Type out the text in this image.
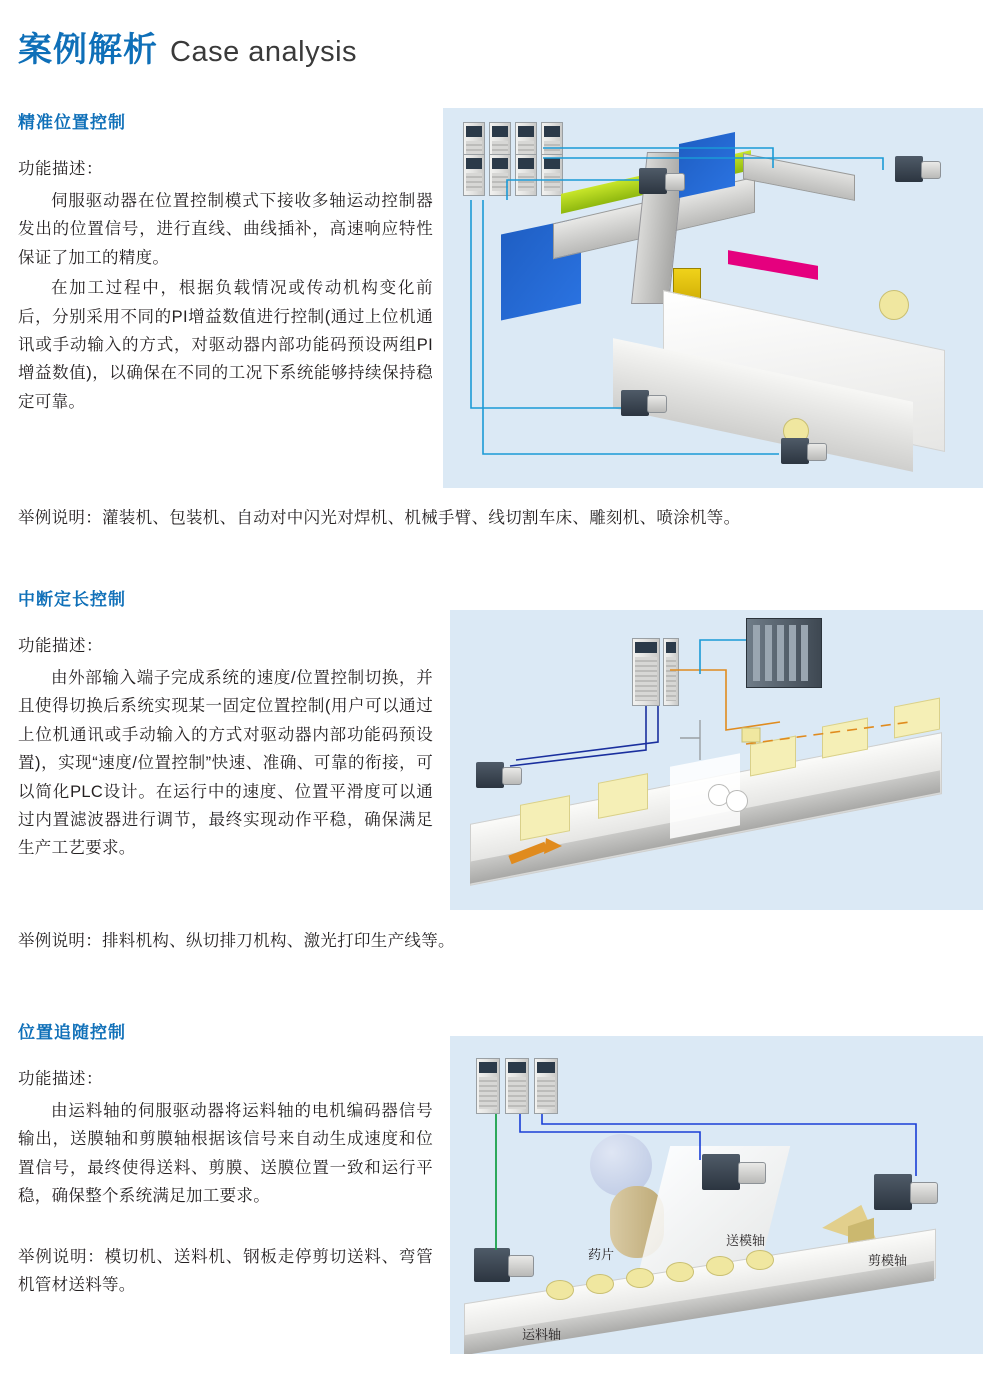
案例解析 Case analysis
精准位置控制

功能描述：

伺服驱动器在位置控制模式下接收多轴运动控制器发出的位置信号，进行直线、曲线插补，高速响应特性保证了加工的精度。

在加工过程中，根据负载情况或传动机构变化前后，分别采用不同的PI增益数值进行控制(通过上位机通讯或手动输入的方式，对驱动器内部功能码预设两组PI增益数值)，以确保在不同的工况下系统能够持续保持稳定可靠。

举例说明：灌装机、包装机、自动对中闪光对焊机、机械手臂、线切割车床、雕刻机、喷涂机等。
中断定长控制

功能描述：

由外部输入端子完成系统的速度/位置控制切换，并且使得切换后系统实现某一固定位置控制(用户可以通过上位机通讯或手动输入的方式对驱动器内部功能码预设置)，实现“速度/位置控制”快速、准确、可靠的衔接，可以简化PLC设计。在运行中的速度、位置平滑度可以通过内置滤波器进行调节，最终实现动作平稳，确保满足生产工艺要求。

举例说明：排料机构、纵切排刀机构、激光打印生产线等。
位置追随控制

功能描述：

由运料轴的伺服驱动器将运料轴的电机编码器信号输出，送膜轴和剪膜轴根据该信号来自动生成速度和位置信号，最终使得送料、剪膜、送膜位置一致和运行平稳，确保整个系统满足加工要求。

举例说明：模切机、送料机、钢板走停剪切送料、弯管机管材送料等。
送模轴
剪模轴
药片
运料轴
